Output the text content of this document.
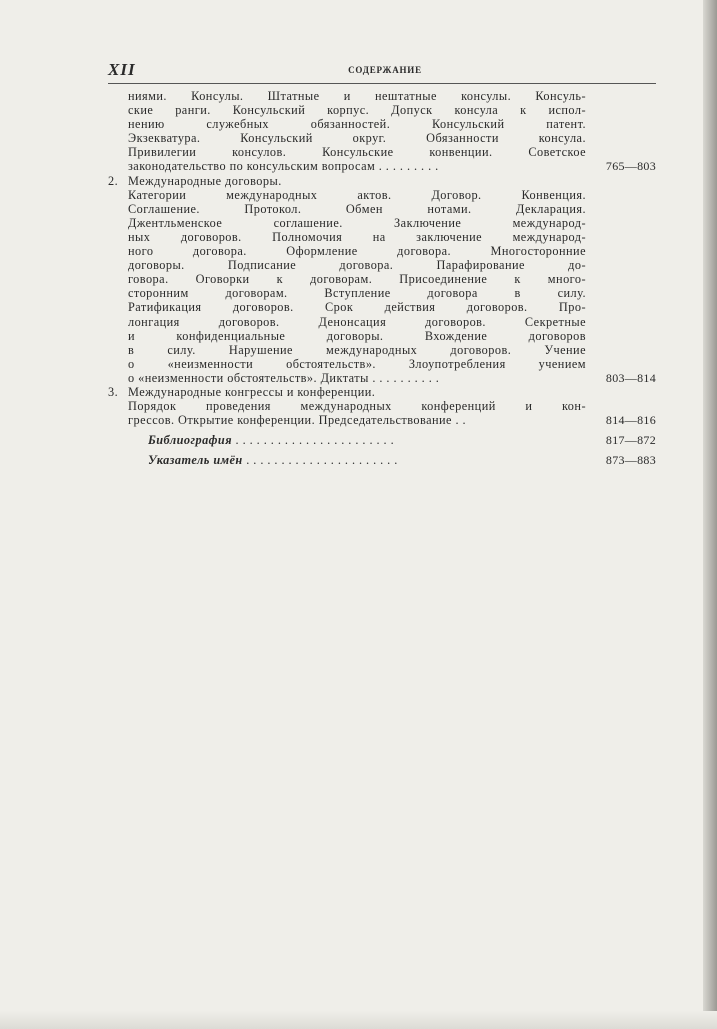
XII	СОДЕРЖАНИЕ
ниями. Консулы. Штатные и нештатные консулы. Консуль-
ские ранги. Консульский корпус. Допуск консула к испол-
нению служебных обязанностей. Консульский патент.
Экзекватура. Консульский округ. Обязанности консула.
Привилегии консулов. Консульские конвенции. Советское
законодательство по консульским вопросам . . . . . . . . .	765—803
2. Международные договоры.
Категории международных актов. Договор. Конвенция.
Соглашение. Протокол. Обмен нотами. Декларация.
Джентльменское соглашение. Заключение международ-
ных договоров. Полномочия на заключение международ-
ного договора. Оформление договора. Многосторонние
договоры. Подписание договора. Парафирование до-
говора. Оговорки к договорам. Присоединение к много-
сторонним договорам. Вступление договора в силу.
Ратификация договоров. Срок действия договоров. Про-
лонгация договоров. Денонсация договоров. Секретные
и конфиденциальные договоры. Вхождение договоров
в силу. Нарушение международных договоров. Учение
о «неизменности обстоятельств». Злоупотребления учением
о «неизменности обстоятельств». Диктаты . . . . . . . . . .	803—814
3. Международные конгрессы и конференции.
Порядок проведения международных конференций и кон-
грессов. Открытие конференции. Председательствование . .	814—816
Библиография . . . . . . . . . . . . . . . . . . . . . . .	817—872
Указатель имён . . . . . . . . . . . . . . . . . . . . . .	873—883
